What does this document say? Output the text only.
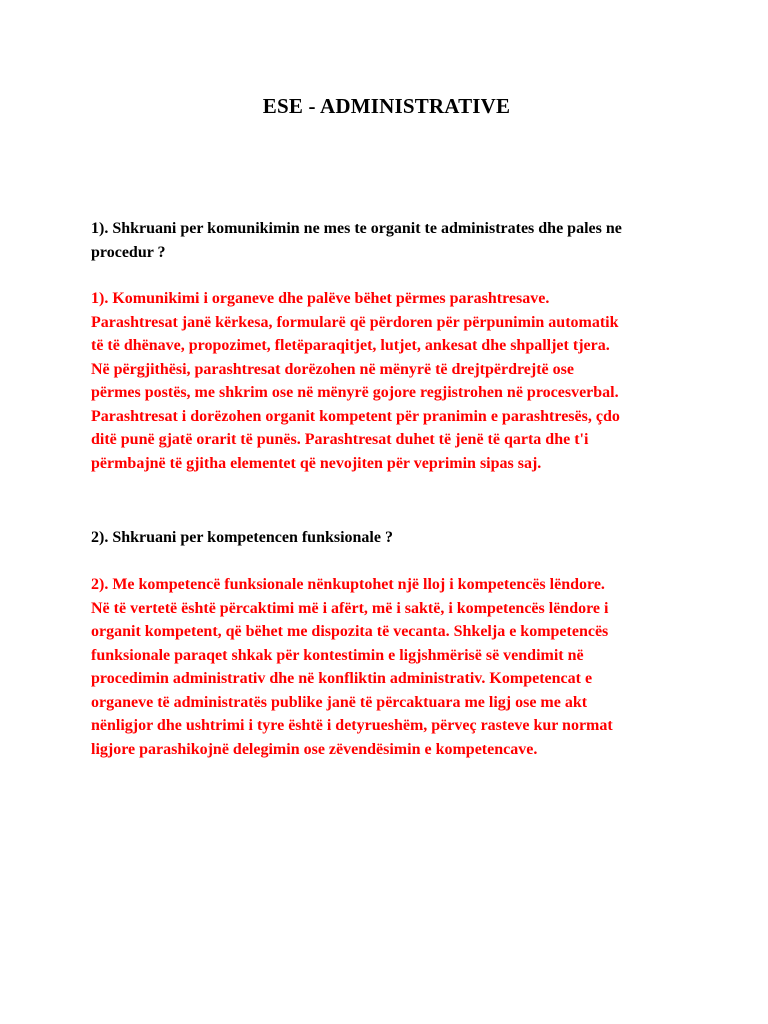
ESE - ADMINISTRATIVE
1). Shkruani per komunikimin ne mes te organit te administrates dhe pales ne
procedur ?
1). Komunikimi i organeve dhe palëve bëhet përmes parashtresave.
Parashtresat janë kërkesa, formularë që përdoren për përpunimin automatik
të të dhënave, propozimet, fletëparaqitjet, lutjet, ankesat dhe shpalljet tjera.
Në përgjithësi, parashtresat dorëzohen në mënyrë të drejtpërdrejtë ose
përmes postës, me shkrim ose në mënyrë gojore regjistrohen në procesverbal.
Parashtresat i dorëzohen organit kompetent për pranimin e parashtresës, çdo
ditë punë gjatë orarit të punës. Parashtresat duhet të jenë të qarta dhe t'i
përmbajnë të gjitha elementet që nevojiten për veprimin sipas saj.
2). Shkruani per kompetencen funksionale ?
2). Me kompetencë funksionale nënkuptohet një lloj i kompetencës lëndore.
Në të vertetë është përcaktimi më i afërt, më i saktë, i kompetencës lëndore i
organit kompetent, që bëhet me dispozita të vecanta. Shkelja e kompetencës
funksionale paraqet shkak për kontestimin e ligjshmërisë së vendimit në
procedimin administrativ dhe në konfliktin administrativ. Kompetencat e
organeve të administratës publike janë të përcaktuara me ligj ose me akt
nënligjor dhe ushtrimi i tyre është i detyrueshëm, përveç rasteve kur normat
ligjore parashikojnë delegimin ose zëvendësimin e kompetencave.
